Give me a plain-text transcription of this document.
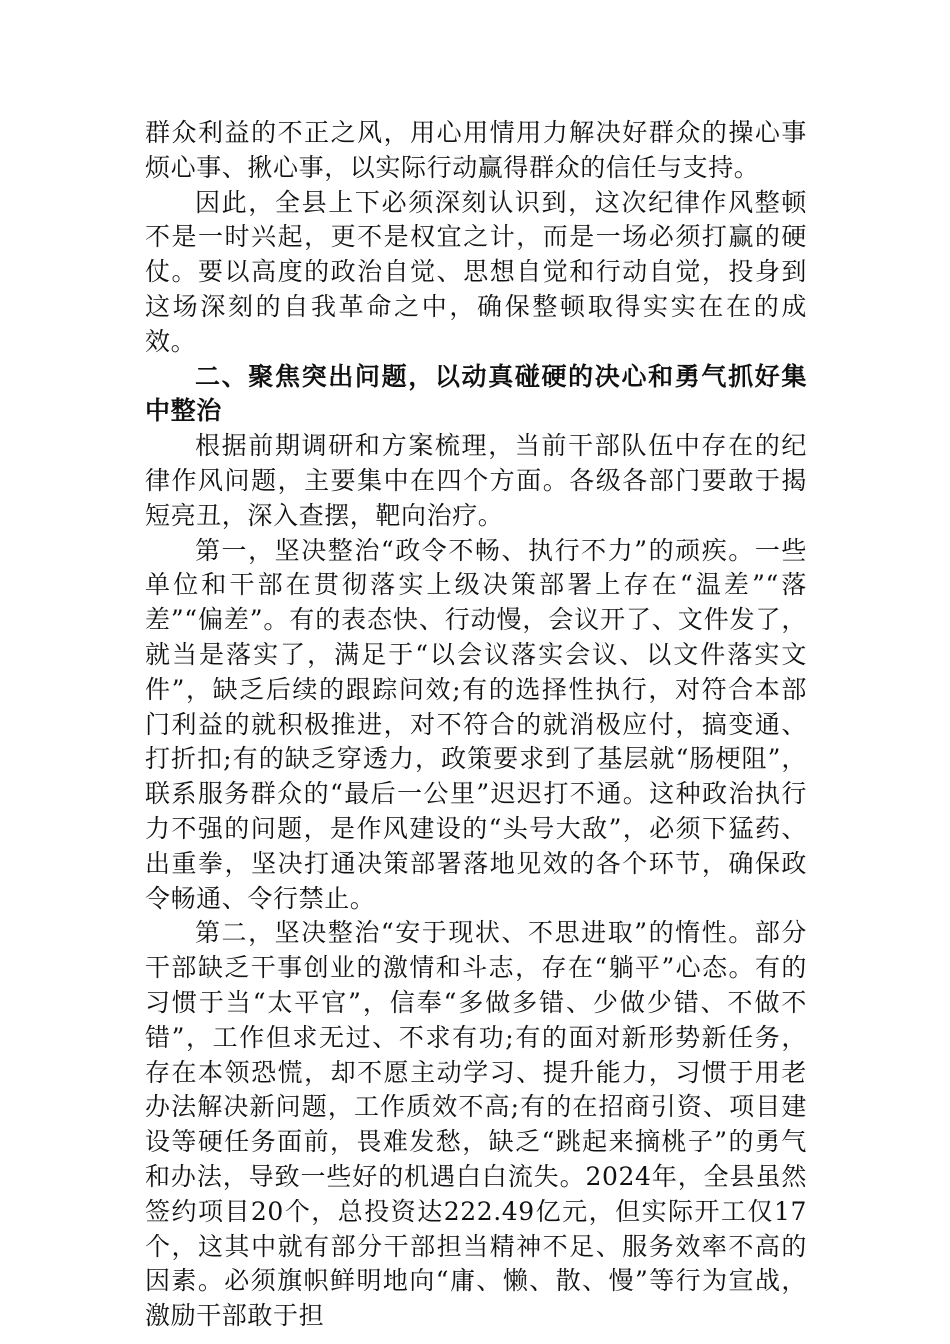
群众利益的不正之风，用心用情用力解决好群众的操心事烦心事、揪心事，以实际行动赢得群众的信任与支持。

因此，全县上下必须深刻认识到，这次纪律作风整顿不是一时兴起，更不是权宜之计，而是一场必须打赢的硬仗。要以高度的政治自觉、思想自觉和行动自觉，投身到这场深刻的自我革命之中，确保整顿取得实实在在的成效。

二、聚焦突出问题，以动真碰硬的决心和勇气抓好集中整治

根据前期调研和方案梳理，当前干部队伍中存在的纪律作风问题，主要集中在四个方面。各级各部门要敢于揭短亮丑，深入查摆，靶向治疗。

第一，坚决整治“政令不畅、执行不力”的顽疾。一些单位和干部在贯彻落实上级决策部署上存在“温差”“落差”“偏差”。有的表态快、行动慢，会议开了、文件发了，就当是落实了，满足于“以会议落实会议、以文件落实文件”，缺乏后续的跟踪问效;有的选择性执行，对符合本部门利益的就积极推进，对不符合的就消极应付，搞变通、打折扣;有的缺乏穿透力，政策要求到了基层就“肠梗阻”，联系服务群众的“最后一公里”迟迟打不通。这种政治执行力不强的问题，是作风建设的“头号大敌”，必须下猛药、出重拳，坚决打通决策部署落地见效的各个环节，确保政令畅通、令行禁止。

第二，坚决整治“安于现状、不思进取”的惰性。部分干部缺乏干事创业的激情和斗志，存在“躺平”心态。有的习惯于当“太平官”，信奉“多做多错、少做少错、不做不错”，工作但求无过、不求有功;有的面对新形势新任务，存在本领恐慌，却不愿主动学习、提升能力，习惯于用老办法解决新问题，工作质效不高;有的在招商引资、项目建设等硬任务面前，畏难发愁，缺乏“跳起来摘桃子”的勇气和办法，导致一些好的机遇白白流失。2024年，全县虽然签约项目20个，总投资达222.49亿元，但实际开工仅17个，这其中就有部分干部担当精神不足、服务效率不高的因素。必须旗帜鲜明地向“庸、懒、散、慢”等行为宣战，激励干部敢于担
